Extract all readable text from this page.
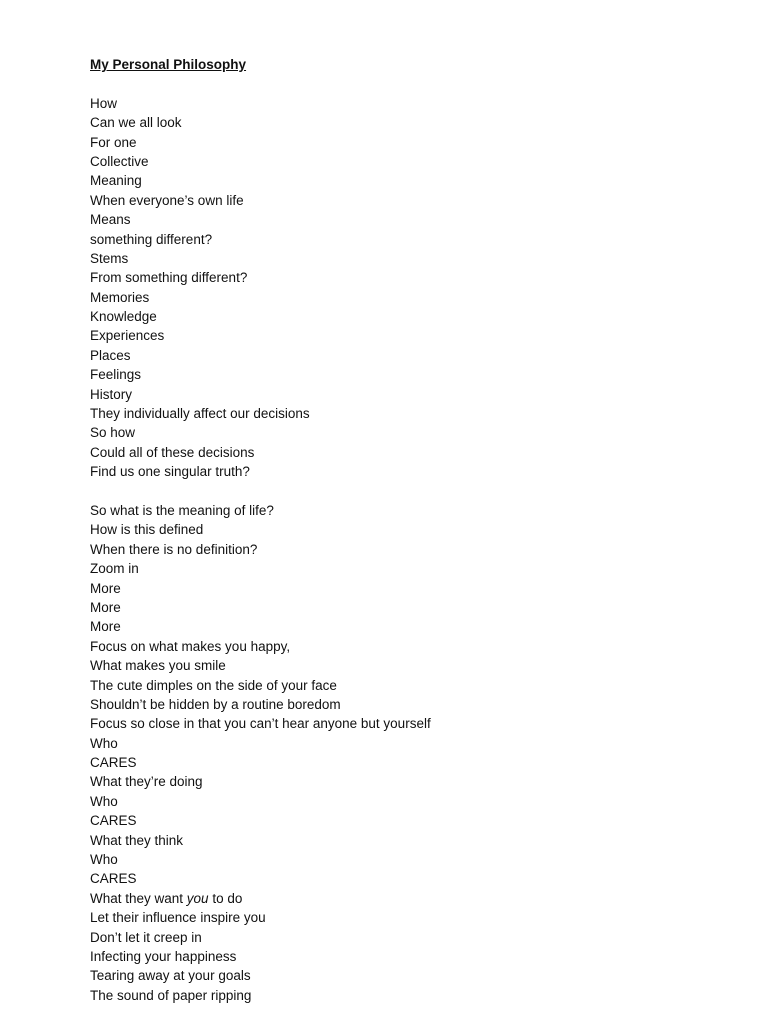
My Personal Philosophy
How
Can we all look
For one
Collective
Meaning
When everyone’s own life
Means
something different?
Stems
From something different?
Memories
Knowledge
Experiences
Places
Feelings
History
They individually affect our decisions
So how
Could all of these decisions
Find us one singular truth?
So what is the meaning of life?
How is this defined
When there is no definition?
Zoom in
More
More
More
Focus on what makes you happy,
What makes you smile
The cute dimples on the side of your face
Shouldn’t be hidden by a routine boredom
Focus so close in that you can’t hear anyone but yourself
Who
CARES
What they’re doing
Who
CARES
What they think
Who
CARES
What they want you to do
Let their influence inspire you
Don’t let it creep in
Infecting your happiness
Tearing away at your goals
The sound of paper ripping
